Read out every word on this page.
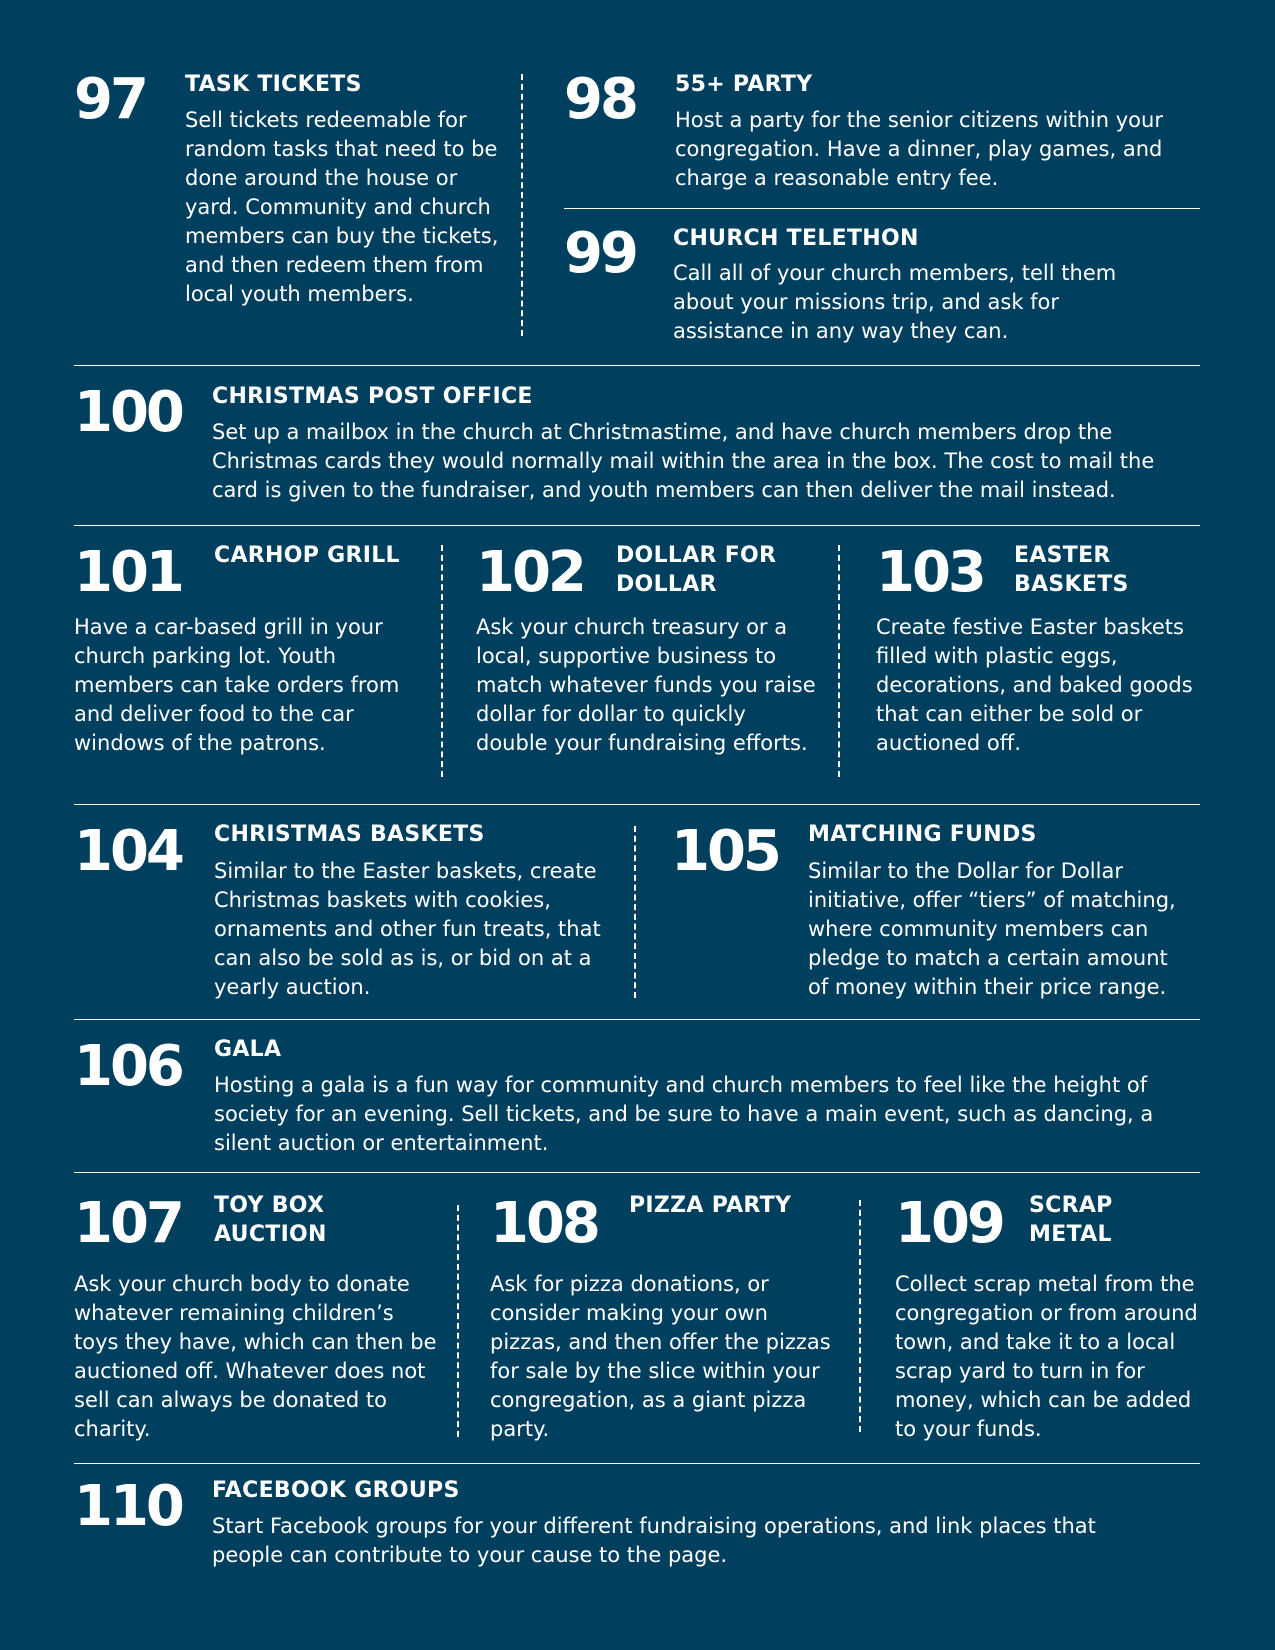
97 TASK TICKETS
Sell tickets redeemable for random tasks that need to be done around the house or yard. Community and church members can buy the tickets, and then redeem them from local youth members.
98 55+ PARTY
Host a party for the senior citizens within your congregation. Have a dinner, play games, and charge a reasonable entry fee.
99 CHURCH TELETHON
Call all of your church members, tell them about your missions trip, and ask for assistance in any way they can.
100 CHRISTMAS POST OFFICE
Set up a mailbox in the church at Christmastime, and have church members drop the Christmas cards they would normally mail within the area in the box. The cost to mail the card is given to the fundraiser, and youth members can then deliver the mail instead.
101 CARHOP GRILL
Have a car-based grill in your church parking lot. Youth members can take orders from and deliver food to the car windows of the patrons.
102 DOLLAR FOR DOLLAR
Ask your church treasury or a local, supportive business to match whatever funds you raise dollar for dollar to quickly double your fundraising efforts.
103 EASTER BASKETS
Create festive Easter baskets filled with plastic eggs, decorations, and baked goods that can either be sold or auctioned off.
104 CHRISTMAS BASKETS
Similar to the Easter baskets, create Christmas baskets with cookies, ornaments and other fun treats, that can also be sold as is, or bid on at a yearly auction.
105 MATCHING FUNDS
Similar to the Dollar for Dollar initiative, offer “tiers” of matching, where community members can pledge to match a certain amount of money within their price range.
106 GALA
Hosting a gala is a fun way for community and church members to feel like the height of society for an evening. Sell tickets, and be sure to have a main event, such as dancing, a silent auction or entertainment.
107 TOY BOX AUCTION
Ask your church body to donate whatever remaining children’s toys they have, which can then be auctioned off. Whatever does not sell can always be donated to charity.
108 PIZZA PARTY
Ask for pizza donations, or consider making your own pizzas, and then offer the pizzas for sale by the slice within your congregation, as a giant pizza party.
109 SCRAP METAL
Collect scrap metal from the congregation or from around town, and take it to a local scrap yard to turn in for money, which can be added to your funds.
110 FACEBOOK GROUPS
Start Facebook groups for your different fundraising operations, and link places that people can contribute to your cause to the page.
